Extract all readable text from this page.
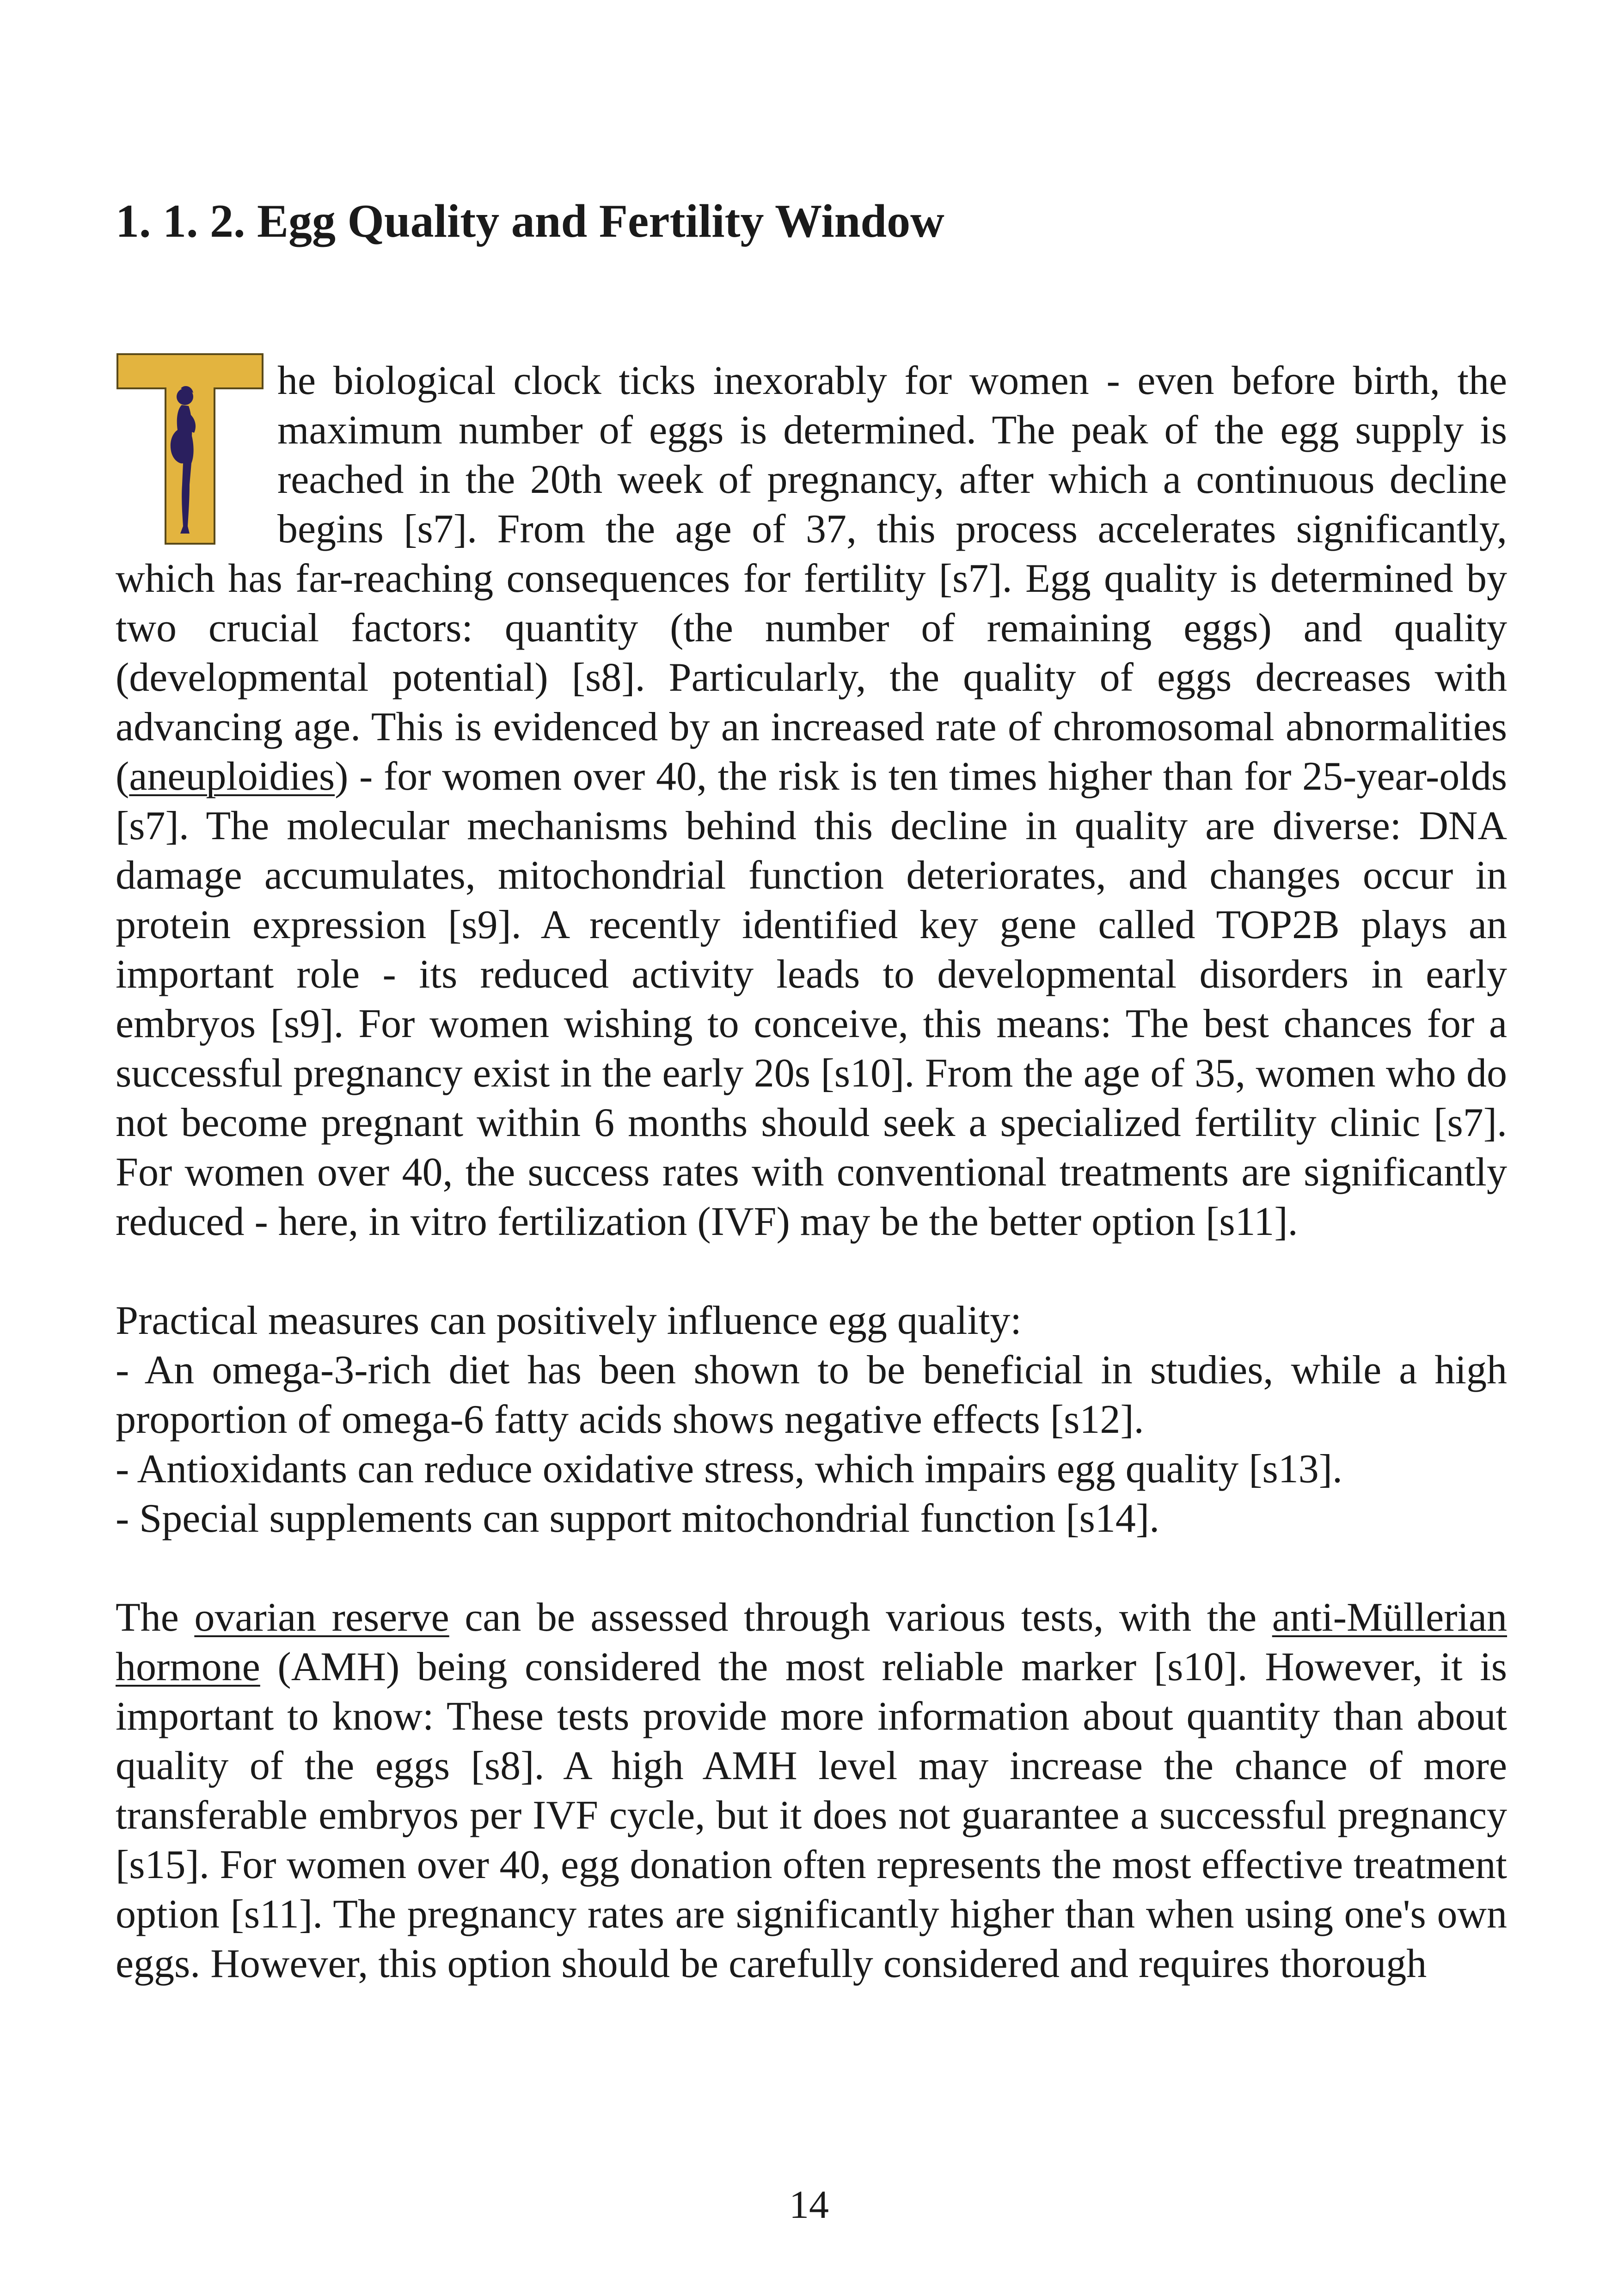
1. 1. 2. Egg Quality and Fertility Window

he biological clock ticks inexorably for women - even before birth, the maximum number of eggs is determined. The peak of the egg supply is reached in the 20th week of pregnancy, after which a continuous decline begins [s7]. From the age of 37, this process accelerates significantly, which has far-reaching consequences for fertility [s7]. Egg quality is determined by two crucial factors: quantity (the number of remaining eggs) and quality (developmental potential) [s8]. Particularly, the quality of eggs decreases with advancing age. This is evidenced by an increased rate of chromosomal abnormalities (aneuploidies) - for women over 40, the risk is ten times higher than for 25-year-olds [s7]. The molecular mechanisms behind this decline in quality are diverse: DNA damage accumulates, mitochondrial function deteriorates, and changes occur in protein expression [s9]. A recently identified key gene called TOP2B plays an important role - its reduced activity leads to developmental disorders in early embryos [s9]. For women wishing to conceive, this means: The best chances for a successful pregnancy exist in the early 20s [s10]. From the age of 35, women who do not become pregnant within 6 months should seek a specialized fertility clinic [s7]. For women over 40, the success rates with conventional treatments are significantly reduced - here, in vitro fertilization (IVF) may be the better option [s11].

Practical measures can positively influence egg quality:

- An omega-3-rich diet has been shown to be beneficial in studies, while a high proportion of omega-6 fatty acids shows negative effects [s12].

- Antioxidants can reduce oxidative stress, which impairs egg quality [s13].

- Special supplements can support mitochondrial function [s14].

The ovarian reserve can be assessed through various tests, with the anti-Müllerian hormone (AMH) being considered the most reliable marker [s10]. However, it is important to know: These tests provide more information about quantity than about quality of the eggs [s8]. A high AMH level may increase the chance of more transferable embryos per IVF cycle, but it does not guarantee a successful pregnancy [s15]. For women over 40, egg donation often represents the most effective treatment option [s11]. The pregnancy rates are significantly higher than when using one's own eggs. However, this option should be carefully considered and requires thorough

14
